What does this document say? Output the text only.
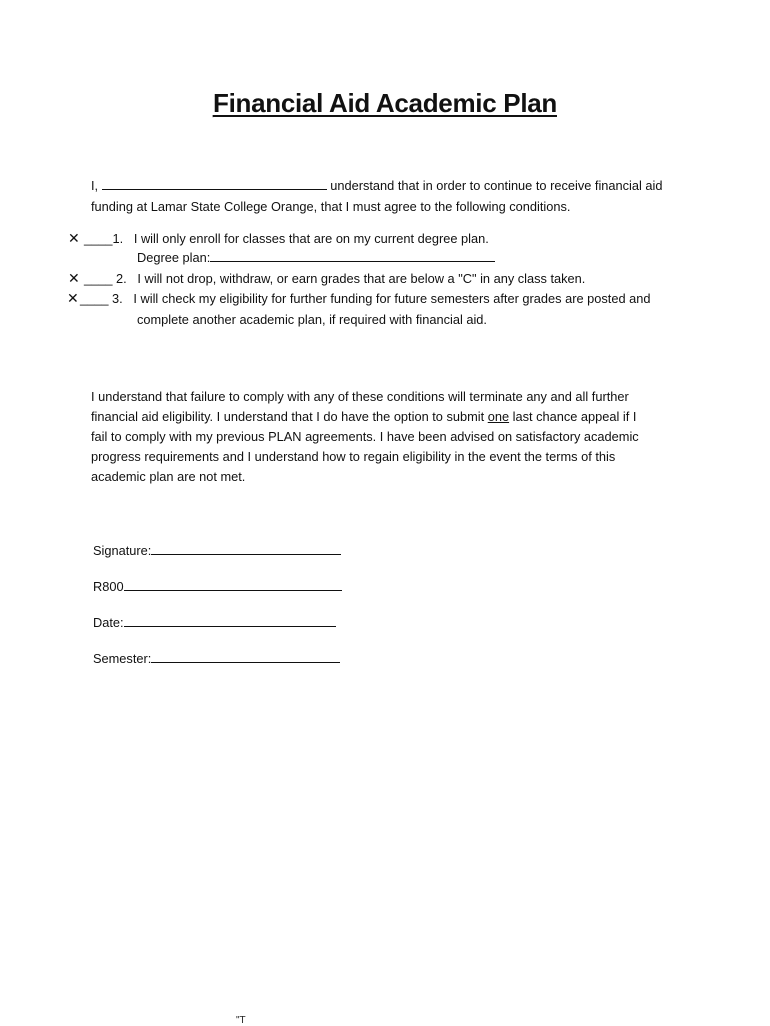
'
Financial Aid Academic Plan
I,	understand that in order to continue to receive financial aid
funding at Lamar State College Orange, that I must agree to the following conditions.
✕ ____1. I will only enroll for classes that are on my current degree plan.
Degree plan:
✕ ____ 2. I will not drop, withdraw, or earn grades that are below a "C" in any class taken.
✕ ____ 3. I will check my eligibility for further funding for future semesters after grades are posted and
complete another academic plan, if required with financial aid.
I understand that failure to comply with any of these conditions will terminate any and all further
financial aid eligibility. I understand that I do have the option to submit one last chance appeal if I
fail to comply with my previous PLAN agreements. I have been advised on satisfactory academic
progress requirements and I understand how to regain eligibility in the event the terms of this
academic plan are not met.
Signature:
R800
Date:
Semester:
"T
